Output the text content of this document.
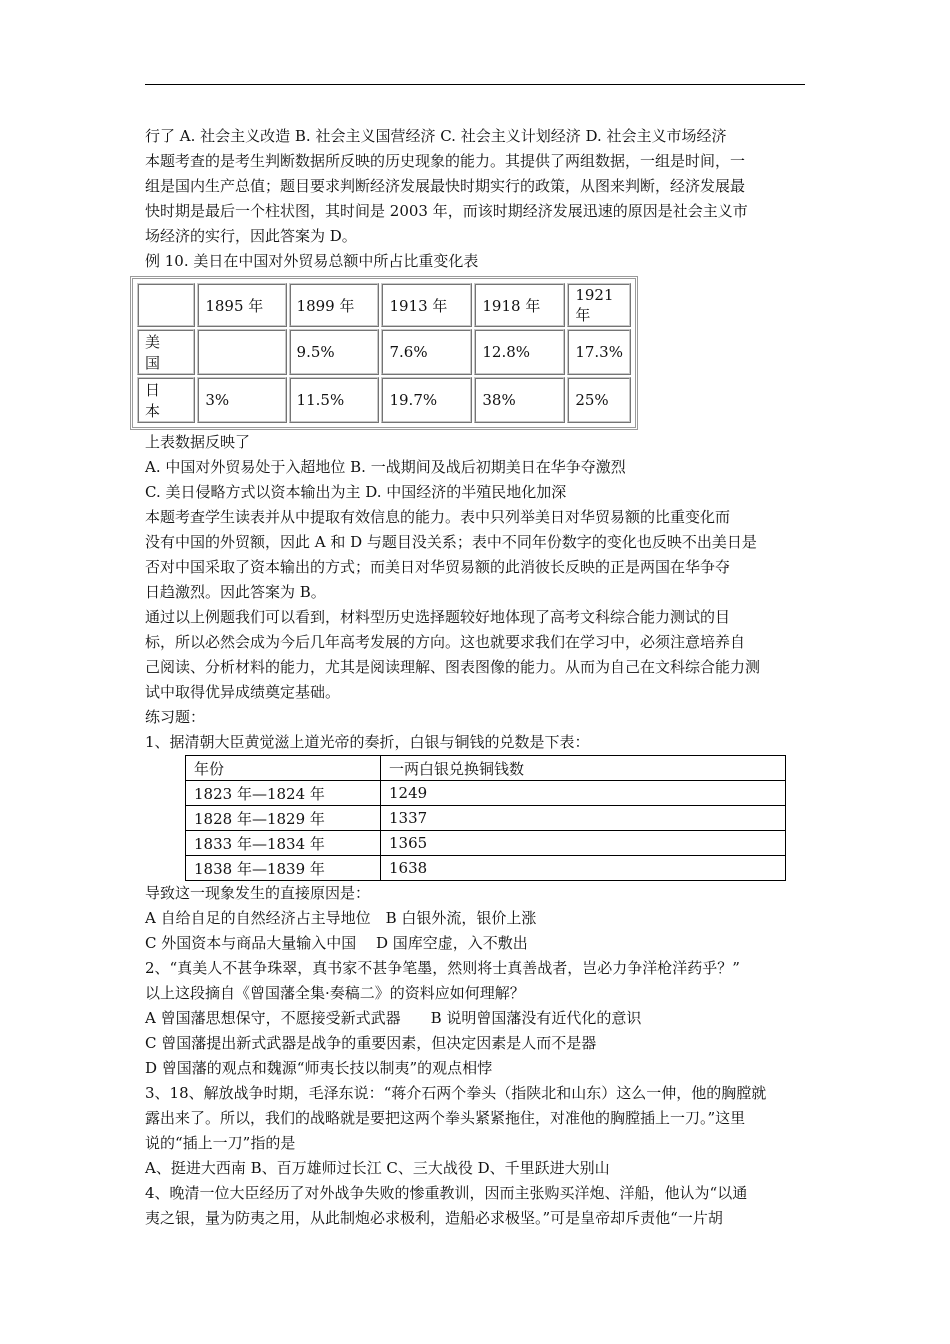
行了 A. 社会主义改造 B. 社会主义国营经济 C. 社会主义计划经济 D. 社会主义市场经济

本题考查的是考生判断数据所反映的历史现象的能力。其提供了两组数据，一组是时间，一

组是国内生产总值；题目要求判断经济发展最快时期实行的政策，从图来判断，经济发展最

快时期是最后一个柱状图，其时间是 2003 年，而该时期经济发展迅速的原因是社会主义市

场经济的实行，因此答案为 D。

例 10. 美日在中国对外贸易总额中所占比重变化表

	1895 年	1899 年	1913 年	1918 年	1921 年
美 国		9.5%	7.6%	12.8%	17.3%
日 本	3%	11.5%	19.7%	38%	25%

上表数据反映了

A. 中国对外贸易处于入超地位 B. 一战期间及战后初期美日在华争夺激烈

C. 美日侵略方式以资本输出为主 D. 中国经济的半殖民地化加深

本题考查学生读表并从中提取有效信息的能力。表中只列举美日对华贸易额的比重变化而

没有中国的外贸额，因此 A 和 D 与题目没关系；表中不同年份数字的变化也反映不出美日是

否对中国采取了资本输出的方式；而美日对华贸易额的此消彼长反映的正是两国在华争夺

日趋激烈。因此答案为 B。

通过以上例题我们可以看到，材料型历史选择题较好地体现了高考文科综合能力测试的目

标，所以必然会成为今后几年高考发展的方向。这也就要求我们在学习中，必须注意培养自

己阅读、分析材料的能力，尤其是阅读理解、图表图像的能力。从而为自己在文科综合能力测

试中取得优异成绩奠定基础。

练习题：

1、据清朝大臣黄觉滋上道光帝的奏折，白银与铜钱的兑数是下表：

年份	一两白银兑换铜钱数
1823 年—1824 年	1249
1828 年—1829 年	1337
1833 年—1834 年	1365
1838 年—1839 年	1638

导致这一现象发生的直接原因是：

A 自给自足的自然经济占主导地位　B 白银外流，银价上涨

C 外国资本与商品大量输入中国　 D 国库空虚，入不敷出

2、“真美人不甚争珠翠，真书家不甚争笔墨，然则将士真善战者，岂必力争洋枪洋药乎？”

以上这段摘自《曾国藩全集·奏稿二》的资料应如何理解？

A 曾国藩思想保守，不愿接受新式武器　　B 说明曾国藩没有近代化的意识

C 曾国藩提出新式武器是战争的重要因素，但决定因素是人而不是器

D 曾国藩的观点和魏源“师夷长技以制夷”的观点相悖

3、18、解放战争时期，毛泽东说：“蒋介石两个拳头（指陕北和山东）这么一伸，他的胸膛就

露出来了。所以，我们的战略就是要把这两个拳头紧紧拖住，对准他的胸膛插上一刀。”这里

说的“插上一刀”指的是

A、挺进大西南 B、百万雄师过长江 C、三大战役 D、千里跃进大别山

4、晚清一位大臣经历了对外战争失败的惨重教训，因而主张购买洋炮、洋船，他认为“以通

夷之银，量为防夷之用，从此制炮必求极利，造船必求极坚。”可是皇帝却斥责他“一片胡
